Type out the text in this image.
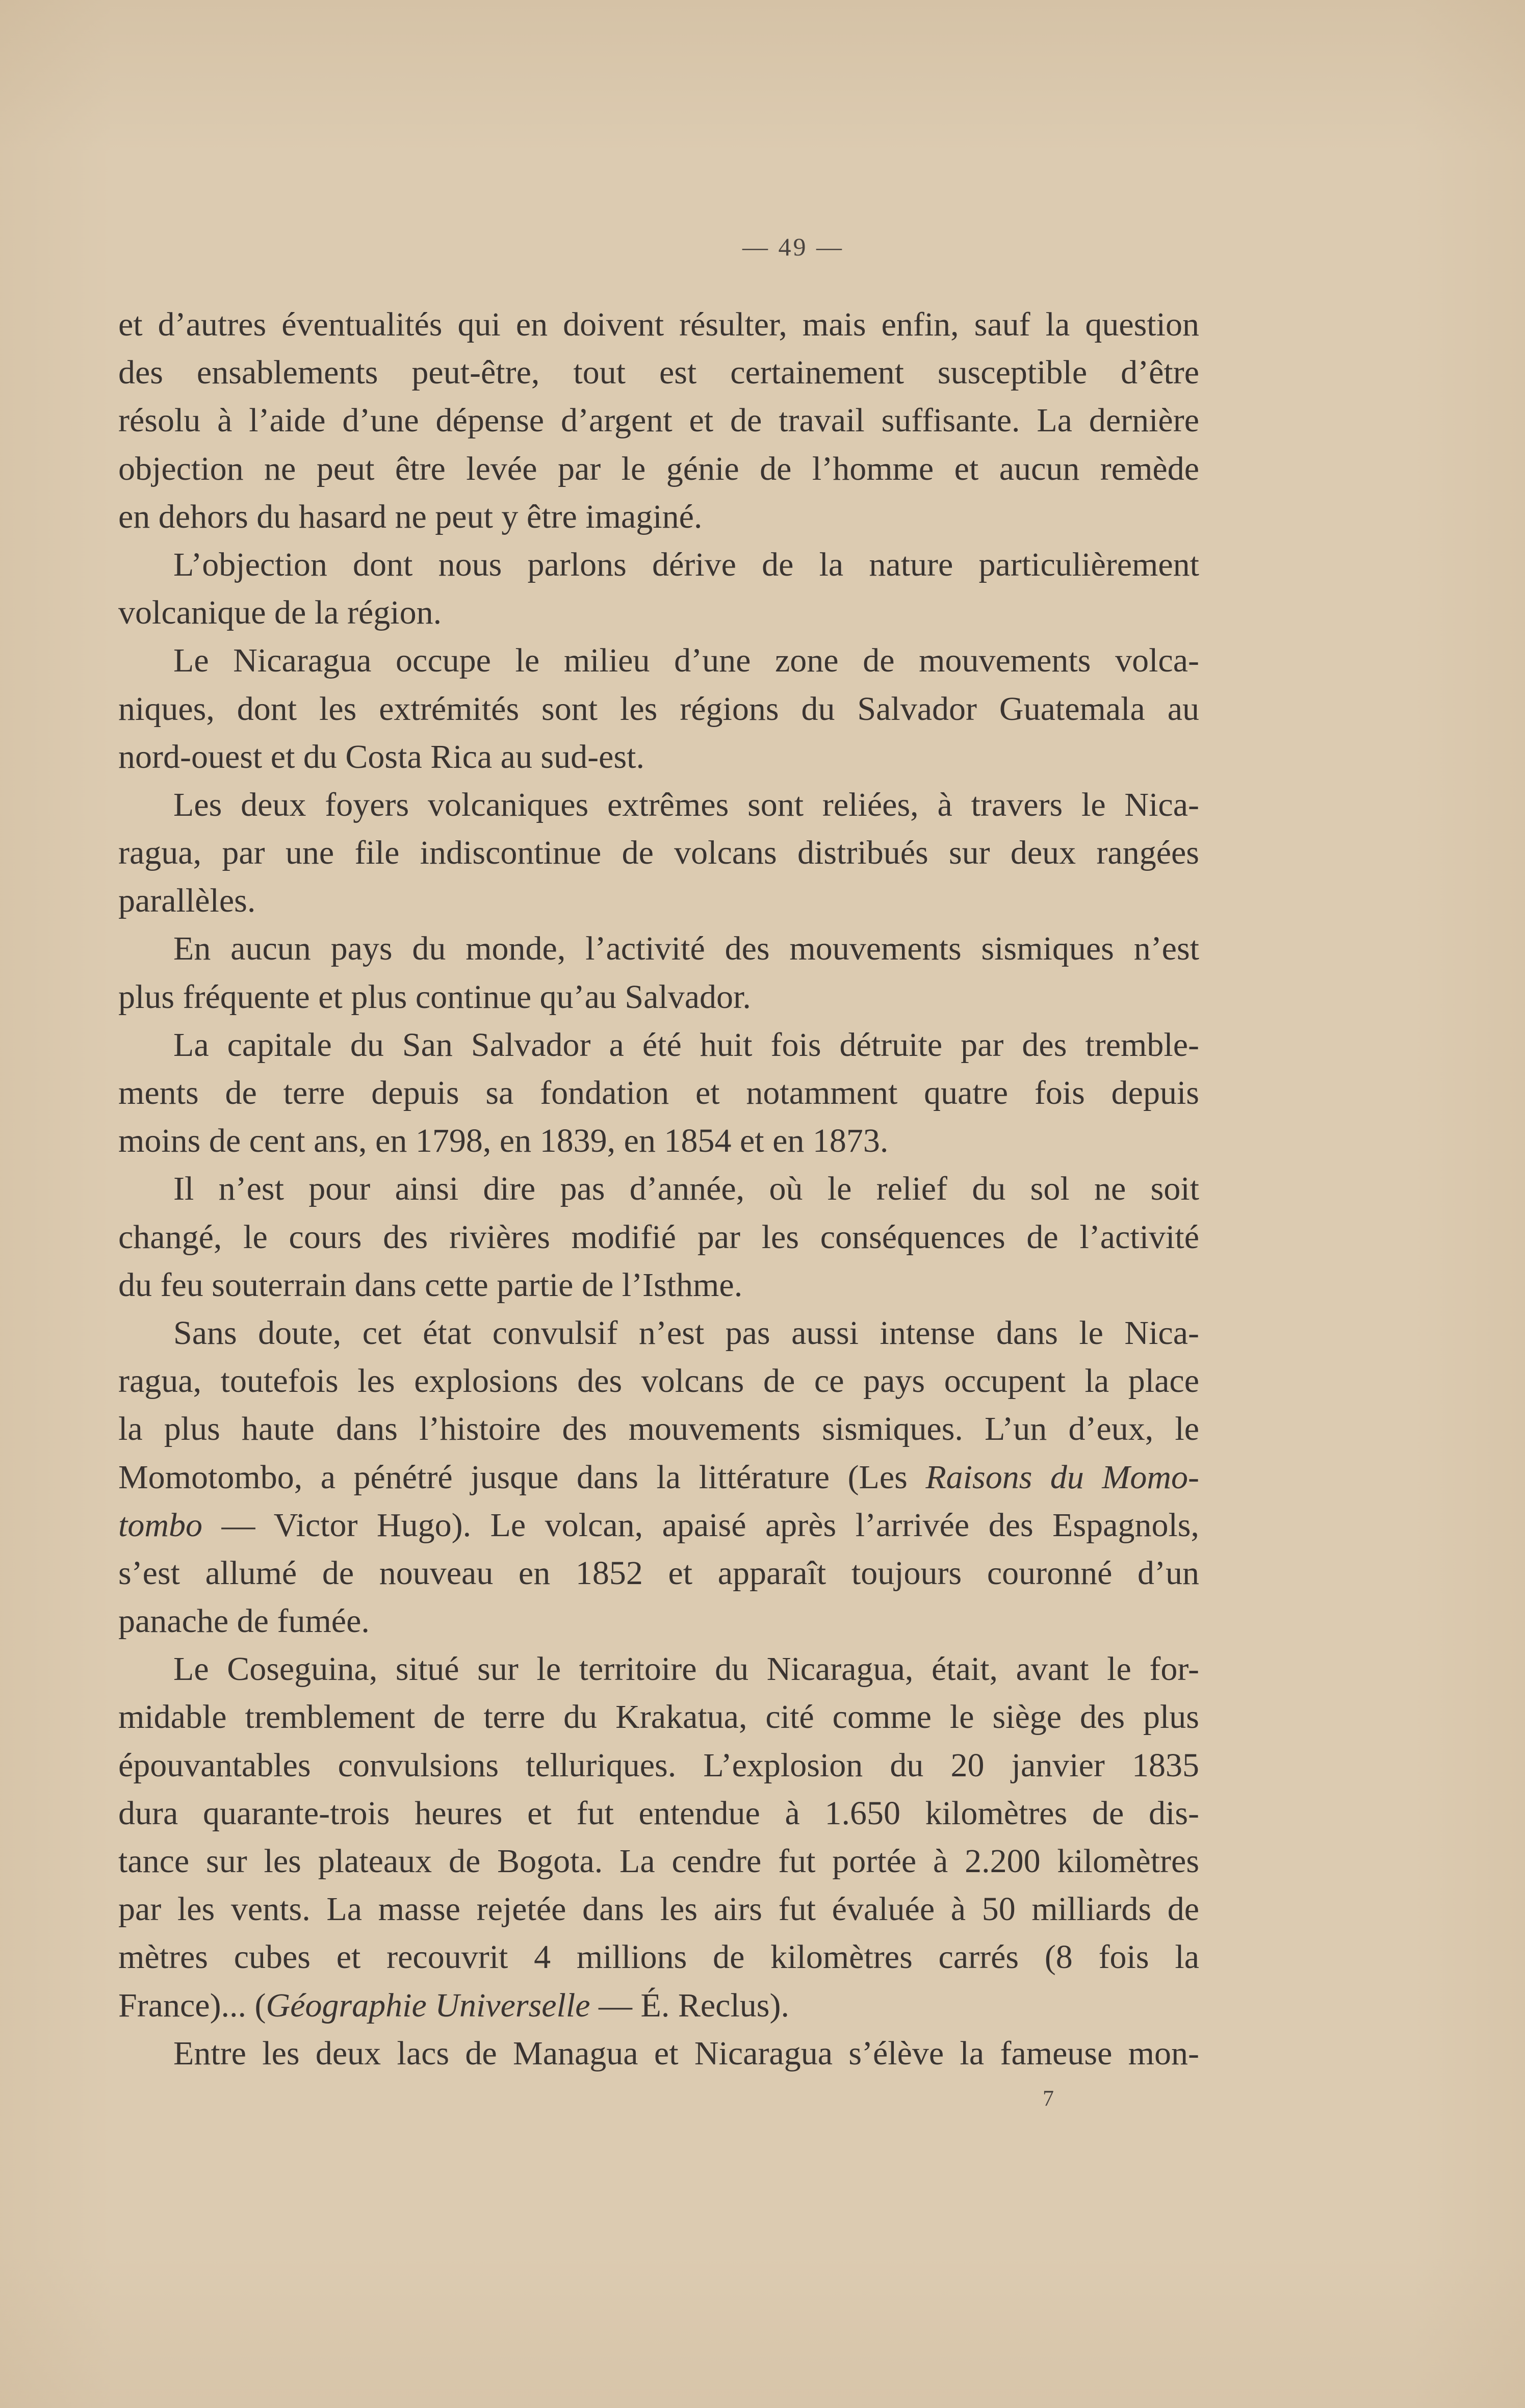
— 49 —
et d’autres éventualités qui en doivent résulter, mais enfin, sauf la question
des ensablements peut-être, tout est certainement susceptible d’être
résolu à l’aide d’une dépense d’argent et de travail suffisante. La dernière
objection ne peut être levée par le génie de l’homme et aucun remède
en dehors du hasard ne peut y être imaginé.
L’objection dont nous parlons dérive de la nature particulièrement
volcanique de la région.
Le Nicaragua occupe le milieu d’une zone de mouvements volca-
niques, dont les extrémités sont les régions du Salvador Guatemala au
nord-ouest et du Costa Rica au sud-est.
Les deux foyers volcaniques extrêmes sont reliées, à travers le Nica-
ragua, par une file indiscontinue de volcans distribués sur deux rangées
parallèles.
En aucun pays du monde, l’activité des mouvements sismiques n’est
plus fréquente et plus continue qu’au Salvador.
La capitale du San Salvador a été huit fois détruite par des tremble-
ments de terre depuis sa fondation et notamment quatre fois depuis
moins de cent ans, en 1798, en 1839, en 1854 et en 1873.
Il n’est pour ainsi dire pas d’année, où le relief du sol ne soit
changé, le cours des rivières modifié par les conséquences de l’activité
du feu souterrain dans cette partie de l’Isthme.
Sans doute, cet état convulsif n’est pas aussi intense dans le Nica-
ragua, toutefois les explosions des volcans de ce pays occupent la place
la plus haute dans l’histoire des mouvements sismiques. L’un d’eux, le
Momotombo, a pénétré jusque dans la littérature (Les Raisons du Momo-
tombo — Victor Hugo). Le volcan, apaisé après l’arrivée des Espagnols,
s’est allumé de nouveau en 1852 et apparaît toujours couronné d’un
panache de fumée.
Le Coseguina, situé sur le territoire du Nicaragua, était, avant le for-
midable tremblement de terre du Krakatua, cité comme le siège des plus
épouvantables convulsions telluriques. L’explosion du 20 janvier 1835
dura quarante-trois heures et fut entendue à 1.650 kilomètres de dis-
tance sur les plateaux de Bogota. La cendre fut portée à 2.200 kilomètres
par les vents. La masse rejetée dans les airs fut évaluée à 50 milliards de
mètres cubes et recouvrit 4 millions de kilomètres carrés (8 fois la
France)... (Géographie Universelle — É. Reclus).
Entre les deux lacs de Managua et Nicaragua s’élève la fameuse mon-
7
